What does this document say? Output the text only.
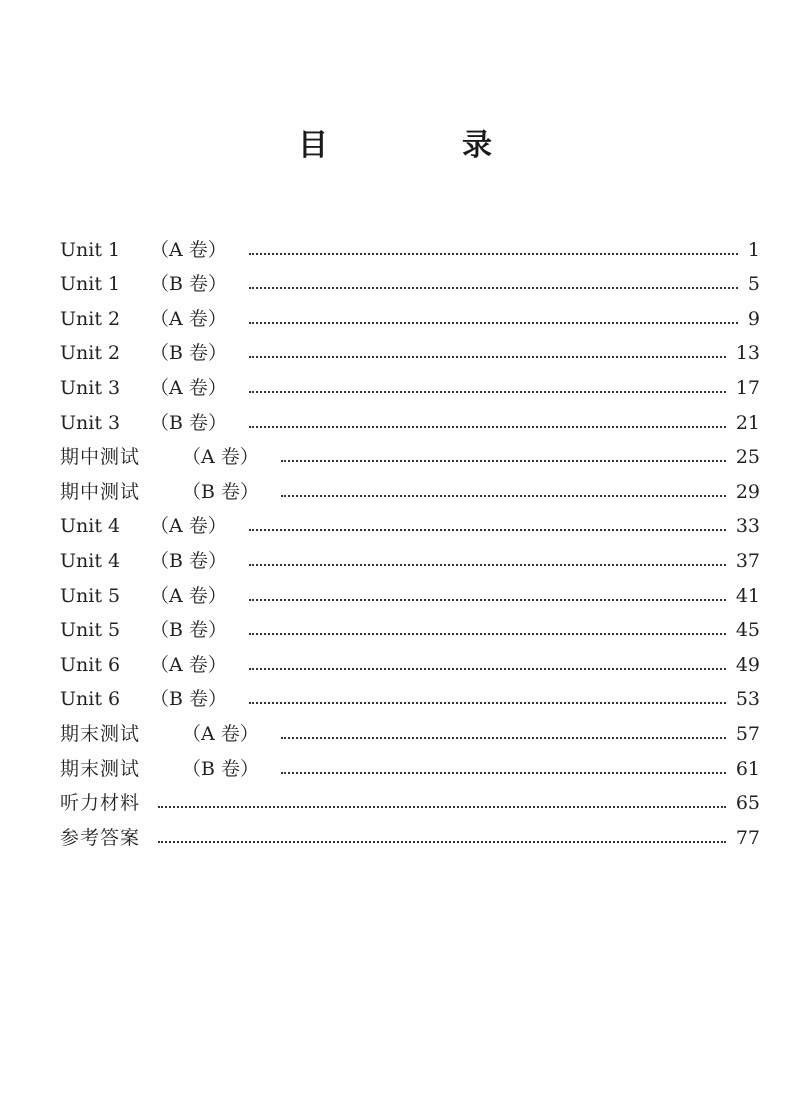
目　录
Unit 1	（A 卷）	1
Unit 1	（B 卷）	5
Unit 2	（A 卷）	9
Unit 2	（B 卷）	13
Unit 3	（A 卷）	17
Unit 3	（B 卷）	21
期中测试	（A 卷）	25
期中测试	（B 卷）	29
Unit 4	（A 卷）	33
Unit 4	（B 卷）	37
Unit 5	（A 卷）	41
Unit 5	（B 卷）	45
Unit 6	（A 卷）	49
Unit 6	（B 卷）	53
期末测试	（A 卷）	57
期末测试	（B 卷）	61
听力材料	65
参考答案	77
